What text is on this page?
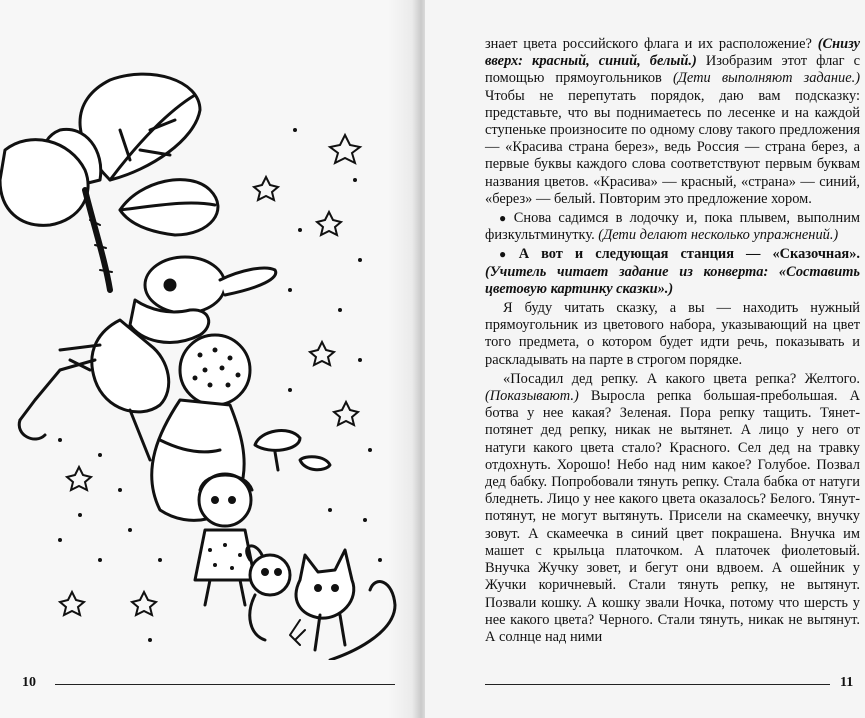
10

знает цвета российского флага и их расположение? (Снизу вверх: красный, синий, белый.) Изобразим этот флаг с помощью прямоугольников (Дети выполняют задание.) Чтобы не перепутать порядок, даю вам подсказку: представьте, что вы поднимаетесь по лесенке и на каждой ступеньке произносите по одному слову такого предложения — «Красива страна берез», ведь Россия — страна берез, а первые буквы каждого слова соответствуют первым буквам названия цветов. «Красива» — красный, «страна» — синий, «берез» — белый. Повторим это предложение хором.

● Снова садимся в лодочку и, пока плывем, выполним физкультминутку. (Дети делают несколько упражнений.)

● А вот и следующая станция — «Сказочная». (Учитель читает задание из конверта: «Составить цветовую картинку сказки».)

Я буду читать сказку, а вы — находить нужный прямоугольник из цветового набора, указывающий на цвет того предмета, о котором будет идти речь, показывать и раскладывать на парте в строгом порядке.

«Посадил дед репку. А какого цвета репка? Желтого. (Показывают.) Выросла репка большая-пребольшая. А ботва у нее какая? Зеленая. Пора репку тащить. Тянет-потянет дед репку, никак не вытянет. А лицо у него от натуги какого цвета стало? Красного. Сел дед на травку отдохнуть. Хорошо! Небо над ним какое? Голубое. Позвал дед бабку. Попробовали тянуть репку. Стала бабка от натуги бледнеть. Лицо у нее какого цвета оказалось? Белого. Тянут-потянут, не могут вытянуть. Присели на скамеечку, внучку зовут. А скамеечка в синий цвет покрашена. Внучка им машет с крыльца платочком. А платочек фиолетовый. Внучка Жучку зовет, и бегут они вдвоем. А ошейник у Жучки коричневый. Стали тянуть репку, не вытянут. Позвали кошку. А кошку звали Ночка, потому что шерсть у нее какого цвета? Черного. Стали тянуть, никак не вытянут. А солнце над ними

11
